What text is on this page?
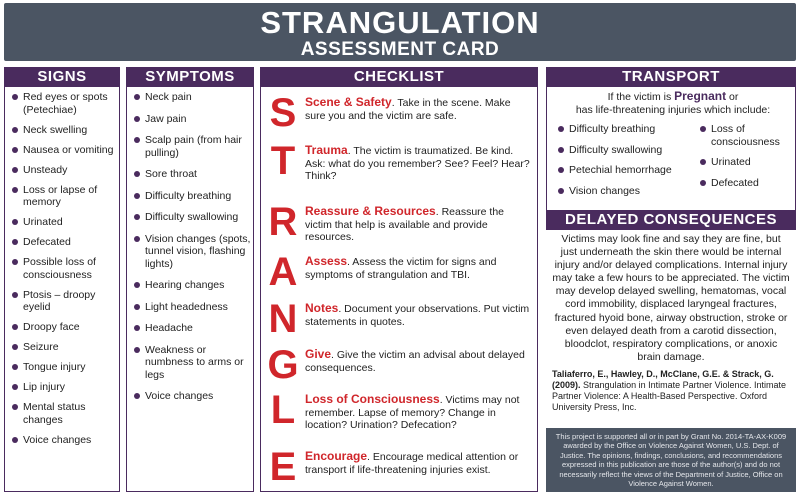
STRANGULATION
ASSESSMENT CARD
SIGNS
Red eyes or spots (Petechiae)
Neck swelling
Nausea or vomiting
Unsteady
Loss or lapse of memory
Urinated
Defecated
Possible loss of consciousness
Ptosis – droopy eyelid
Droopy face
Seizure
Tongue injury
Lip injury
Mental status changes
Voice changes
SYMPTOMS
Neck pain
Jaw pain
Scalp pain (from hair pulling)
Sore throat
Difficulty breathing
Difficulty swallowing
Vision changes (spots, tunnel vision, flashing lights)
Hearing changes
Light headedness
Headache
Weakness or numbness to arms or legs
Voice changes
CHECKLIST
S Scene & Safety. Take in the scene. Make sure you and the victim are safe.
T Trauma. The victim is traumatized. Be kind. Ask: what do you remember? See? Feel? Hear? Think?
R Reassure & Resources. Reassure the victim that help is available and provide resources.
A Assess. Assess the victim for signs and symptoms of strangulation and TBI.
N Notes. Document your observations. Put victim statements in quotes.
G Give. Give the victim an advisal about delayed consequences.
L Loss of Consciousness. Victims may not remember. Lapse of memory? Change in location? Urination? Defecation?
E Encourage. Encourage medical attention or transport if life-threatening injuries exist.
TRANSPORT
If the victim is Pregnant or
has life-threatening injuries which include:
Difficulty breathing
Difficulty swallowing
Petechial hemorrhage
Vision changes
Loss of consciousness
Urinated
Defecated
DELAYED CONSEQUENCES
Victims may look fine and say they are fine, but just underneath the skin there would be internal injury and/or delayed complications. Internal injury may take a few hours to be appreciated. The victim may develop delayed swelling, hematomas, vocal cord immobility, displaced laryngeal fractures, fractured hyoid bone, airway obstruction, stroke or even delayed death from a carotid dissection, bloodclot, respiratory complications, or anoxic brain damage.
Taliaferro, E., Hawley, D., McClane, G.E. & Strack, G. (2009). Strangulation in Intimate Partner Violence. Intimate Partner Violence: A Health-Based Perspective. Oxford University Press, Inc.
This project is supported all or in part by Grant No. 2014-TA-AX-K009 awarded by the Office on Violence Against Women, U.S. Dept. of Justice. The opinions, findings, conclusions, and recommendations expressed in this publication are those of the author(s) and do not necessarily reflect the views of the Department of Justice, Office on Violence Against Women.
